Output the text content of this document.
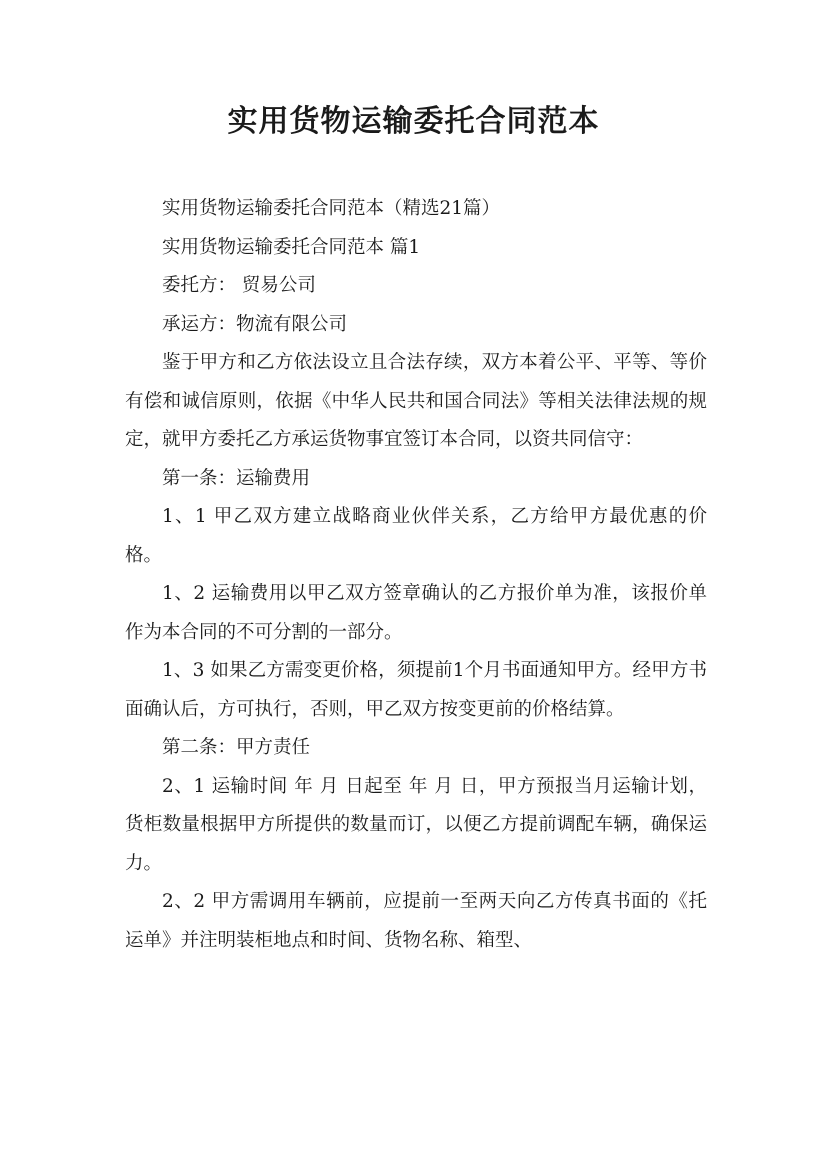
实用货物运输委托合同范本

实用货物运输委托合同范本（精选21篇）

实用货物运输委托合同范本 篇1

委托方： 贸易公司

承运方：物流有限公司

鉴于甲方和乙方依法设立且合法存续，双方本着公平、平等、等价有偿和诚信原则，依据《中华人民共和国合同法》等相关法律法规的规定，就甲方委托乙方承运货物事宜签订本合同，以资共同信守：

第一条：运输费用

1、1 甲乙双方建立战略商业伙伴关系，乙方给甲方最优惠的价格。

1、2 运输费用以甲乙双方签章确认的乙方报价单为准，该报价单作为本合同的不可分割的一部分。

1、3 如果乙方需变更价格，须提前1个月书面通知甲方。经甲方书面确认后，方可执行，否则，甲乙双方按变更前的价格结算。

第二条：甲方责任

2、1 运输时间 年 月 日起至 年 月 日，甲方预报当月运输计划，货柜数量根据甲方所提供的数量而订，以便乙方提前调配车辆，确保运力。

2、2 甲方需调用车辆前，应提前一至两天向乙方传真书面的《托运单》并注明装柜地点和时间、货物名称、箱型、
